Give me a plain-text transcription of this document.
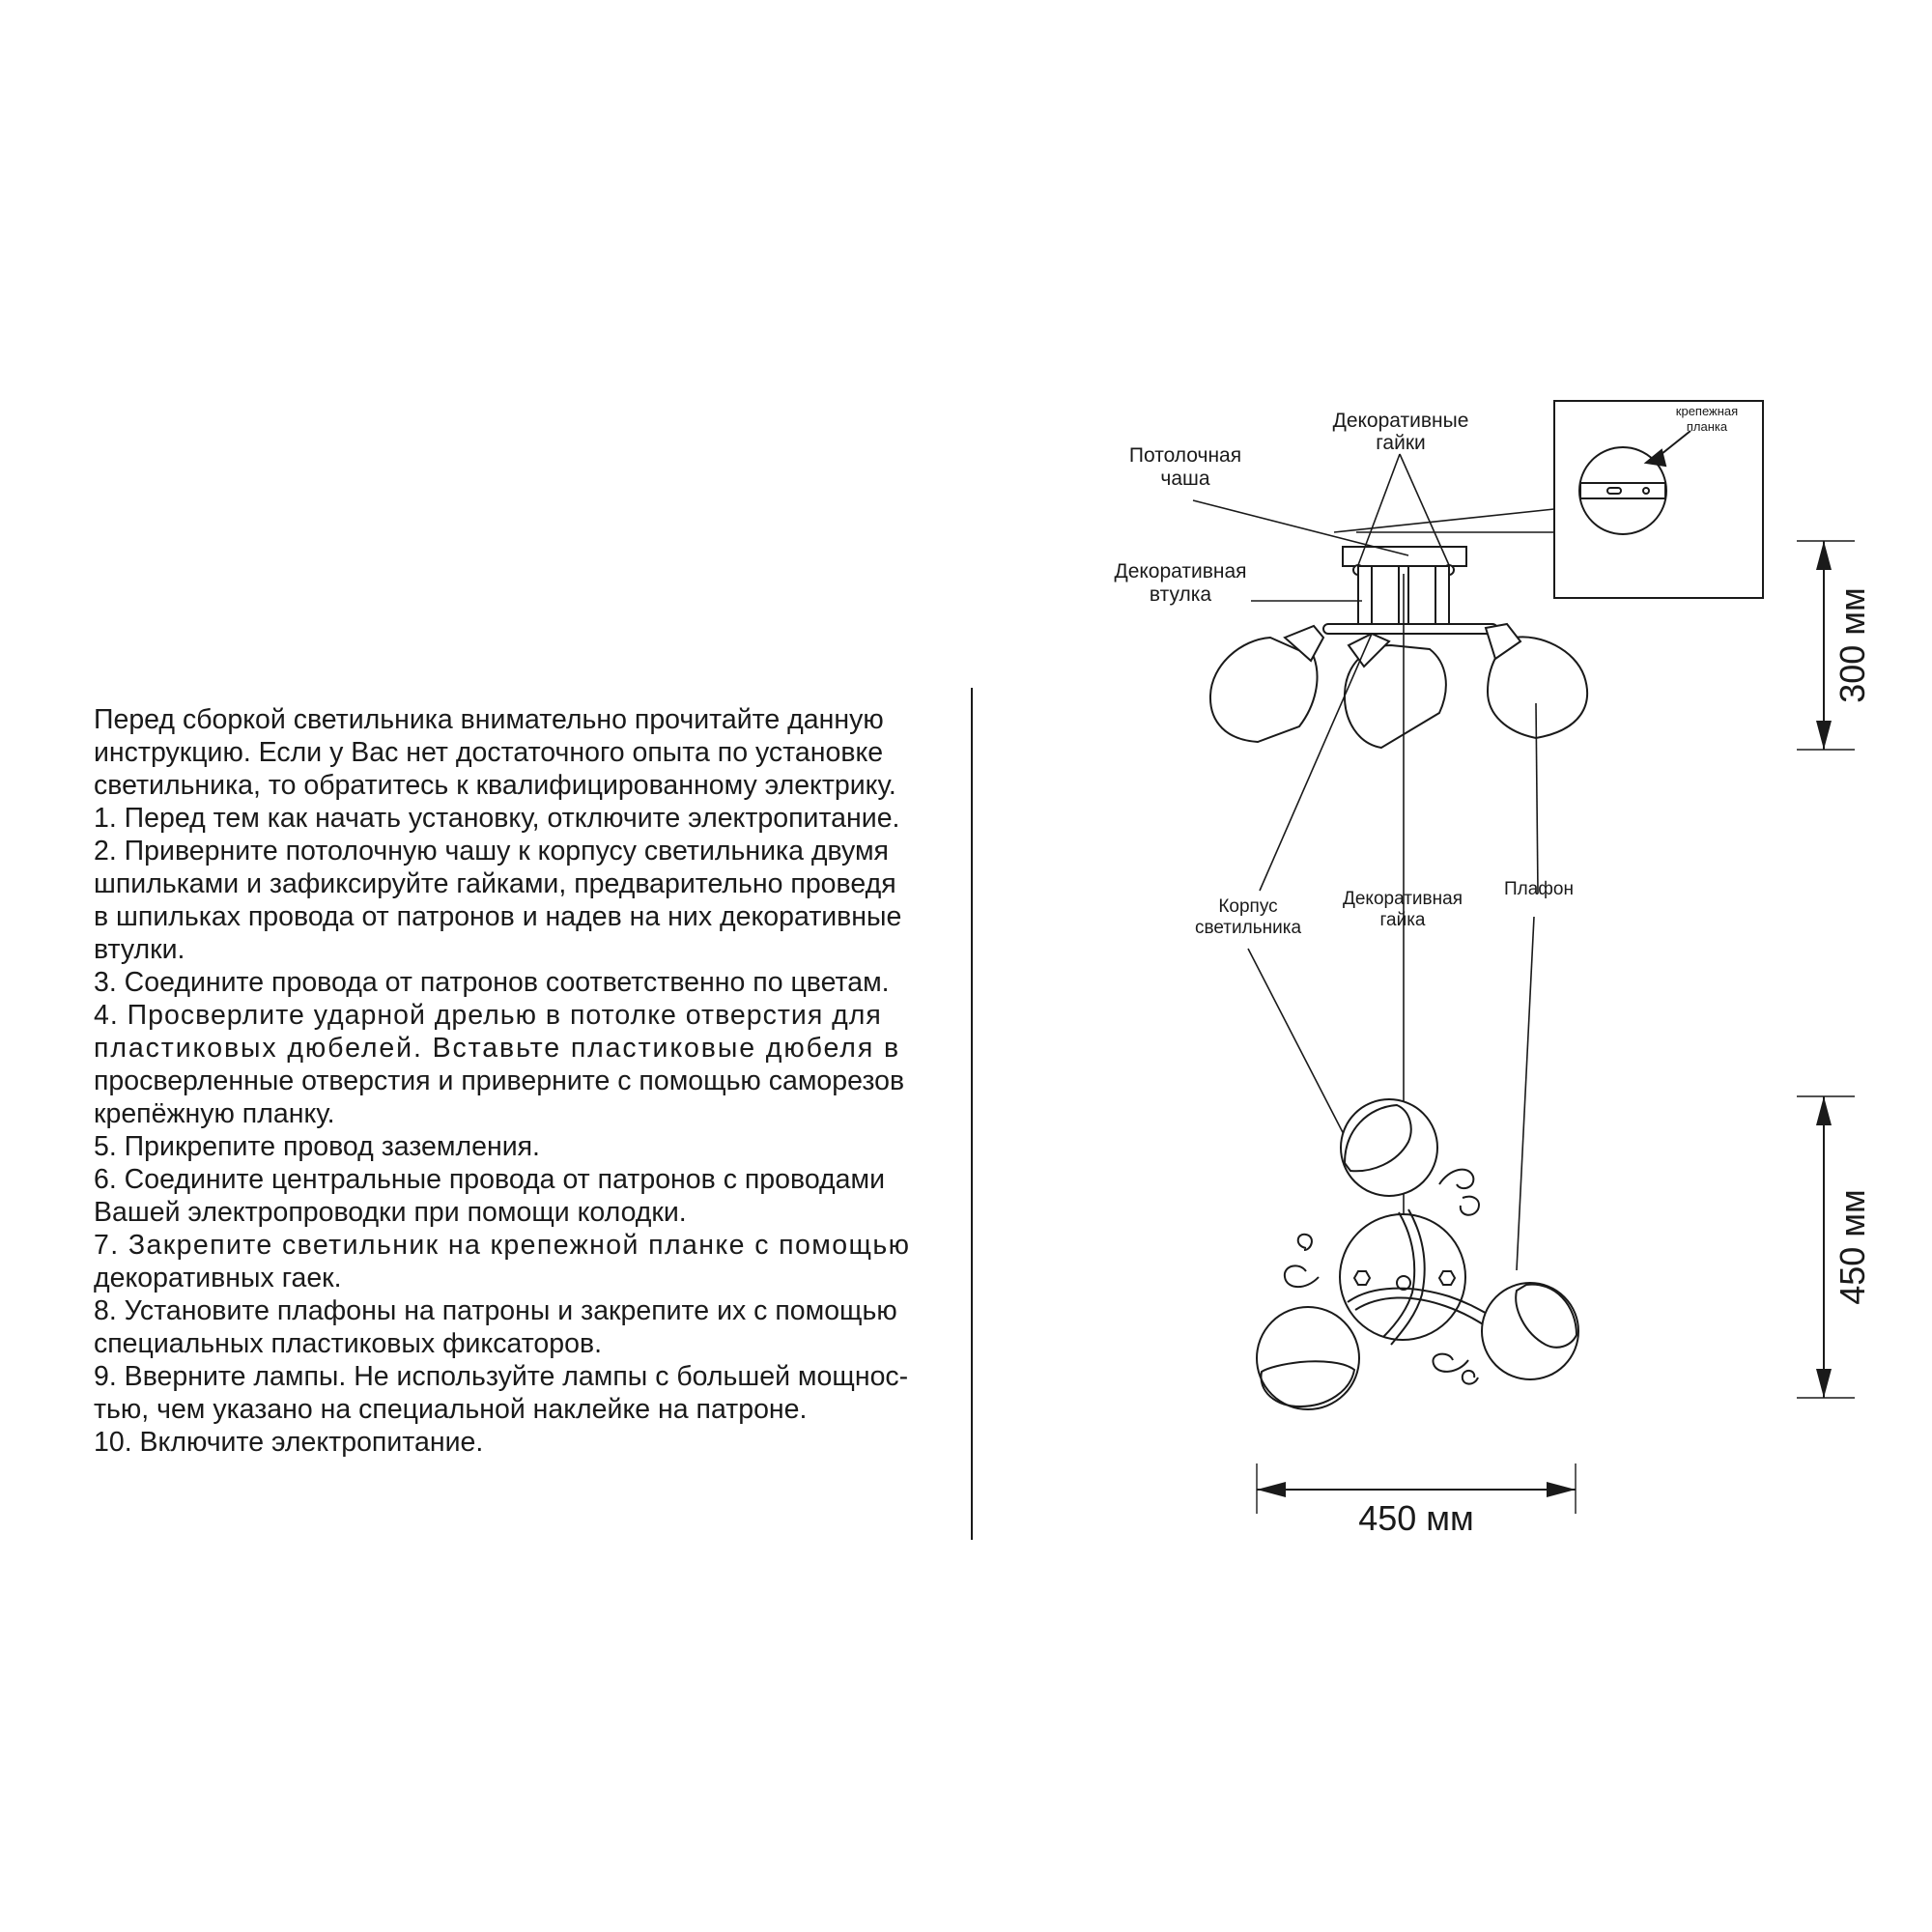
Перед сборкой светильника внимательно прочитайте данную

инструкцию. Если у Вас нет достаточного опыта по установке

светильника, то обратитесь к квалифицированному электрику.

1. Перед тем как начать установку, отключите электропитание.

2. Приверните потолочную чашу к корпусу светильника двумя

шпильками и зафиксируйте гайками, предварительно проведя

в шпильках провода от патронов и надев на них декоративные

втулки.

3. Соедините провода от патронов соответственно по цветам.

4. Просверлите ударной дрелью в потолке отверстия для

пластиковых дюбелей. Вставьте пластиковые дюбеля в

просверленные отверстия и приверните с помощью саморезов

крепёжную планку.

5. Прикрепите провод заземления.

6. Соедините центральные провода от патронов с проводами

Вашей электропроводки при помощи колодки.

7. Закрепите светильник на крепежной планке с помощью

декоративных гаек.

8. Установите плафоны на патроны и закрепите их с помощью

специальных пластиковых фиксаторов.

9. Вверните лампы. Не используйте лампы с большей мощнос-

тью, чем указано на специальной наклейке на патроне.

10. Включите электропитание.

Декоративные
гайки
Потолочная
чаша
Декоративная
втулка
Корпус
светильника
Декоративная
гайка
Плафон
крепежная
планка
300 мм
450 мм
450 мм
